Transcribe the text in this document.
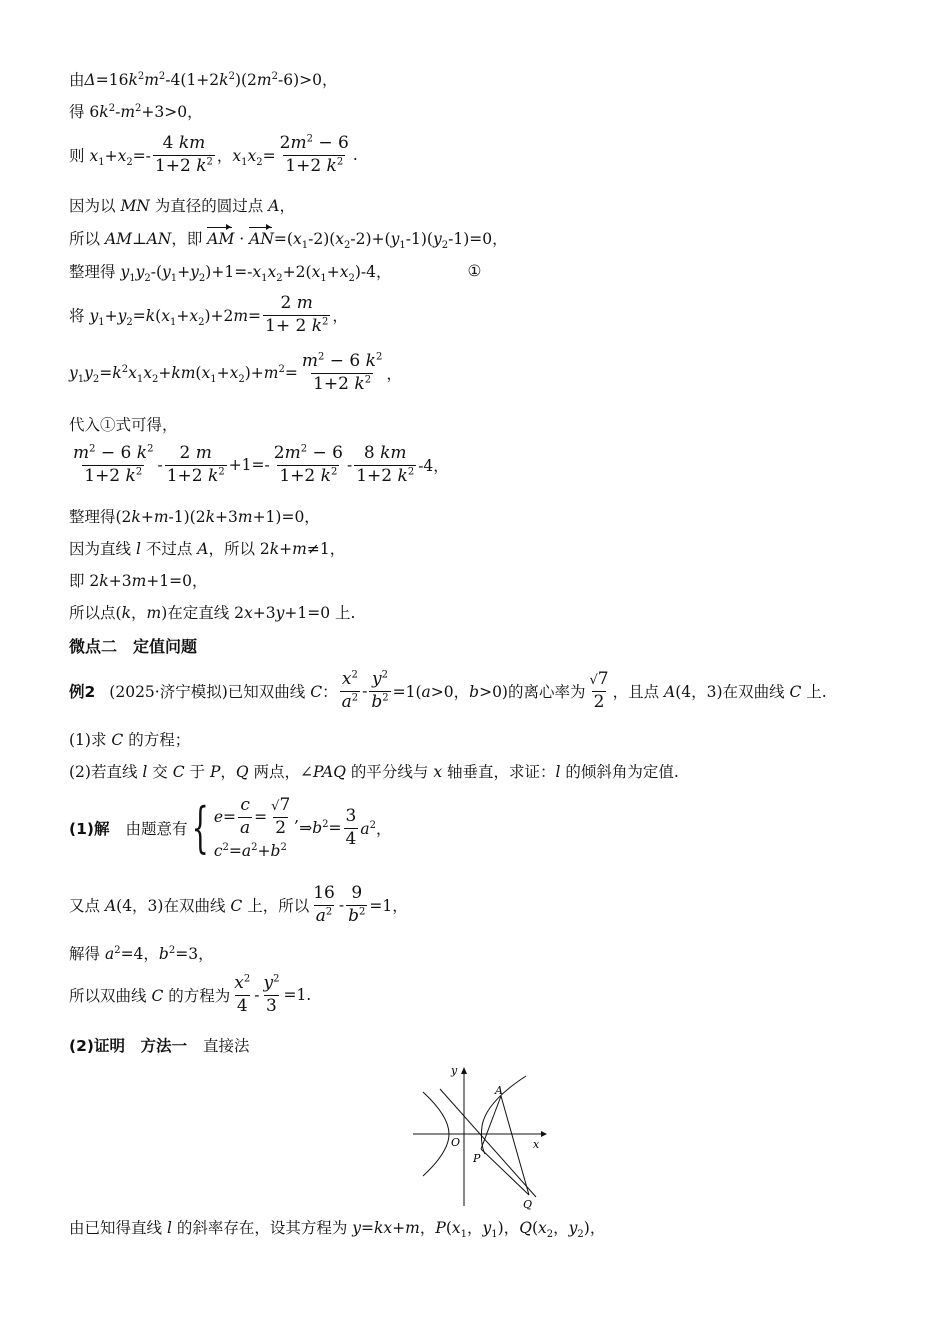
由$\Delta=16k^2m^2-4(1+2k^2)(2m^2-6)>0$，
得 $6k^2-m^2+3>0$，
则 $x_1+x_2=- \frac{4 km}{1+2 k^2}$ ，$x_1x_2= \frac{2m^2 - 6}{1+2 k^2}$ .
因为以 MN 为直径的圆过点 A，
所以 AM⊥AN，即 AM · $AN=(x_1-2)(x_2-2)+(y_1-1)(y_2-1)=0$，
整理得 $y_1y_2-(y_1+y_2)+1=-x_1x_2+2(x_1+x_2)-4$，	①
将 $y_1+y_2=k(x_1+x_2)+2m= \frac{2 m}{1+ 2 k^2}$ ，
$y_1y_2=k^2x_1x_2+km(x_1+x_2)+m^2= \frac{m^2 - 6 k^2}{1+2 k^2}$ ，
代入①式可得，
$\frac{m^2 - 6 k^2}{1+2 k^2} - \frac{2 m}{1+2 k^2} +1=- \frac{2m^2 - 6}{1+2 k^2} - \frac{8 km}{1+2 k^2} -4$，
整理得(2k+m-1)(2k+3m+1)=0，
因为直线 l 不过点 A，所以 2k+m≠1，
即 2k+3m+1=0，
所以点(k，m)在定直线 2x+3y+1=0 上.
微点二　定值问题
例2 (2025·济宁模拟)已知双曲线 C： $\frac{x^2}{a^2} - \frac{y^2}{b^2} =1(a>0$，b>0)的离心率为 $\frac{√7}{2}$ ，且点 A(4，3)在双曲线 C 上.
(1)求 C 的方程；
(2)若直线 l 交 C 于 P，Q 两点，∠PAQ 的平分线与 x 轴垂直，求证：l 的倾斜角为定值.
(1)解 由题意有 { $e = \frac{c}{a} = \frac{√7}{2}$ ,
$c^2=a^2+b^2$
$\Rightarrow b^2= \frac{3}{4} a^2$，
又点 A(4，3)在双曲线 C 上，所以 $\frac{16}{a^2} - \frac{9}{b^2} =1$，
解得 $a^2=4$，$b^2=3$，
所以双曲线 C 的方程为 $\frac{x^2}{4} - \frac{y^2}{3} =1$.
(2)证明　方法一 直接法
y
x
O
A
P
Q
由已知得直线 l 的斜率存在，设其方程为 y=kx+m，$P(x_1$，$y_1$)，$Q(x_2$，$y_2$)，
